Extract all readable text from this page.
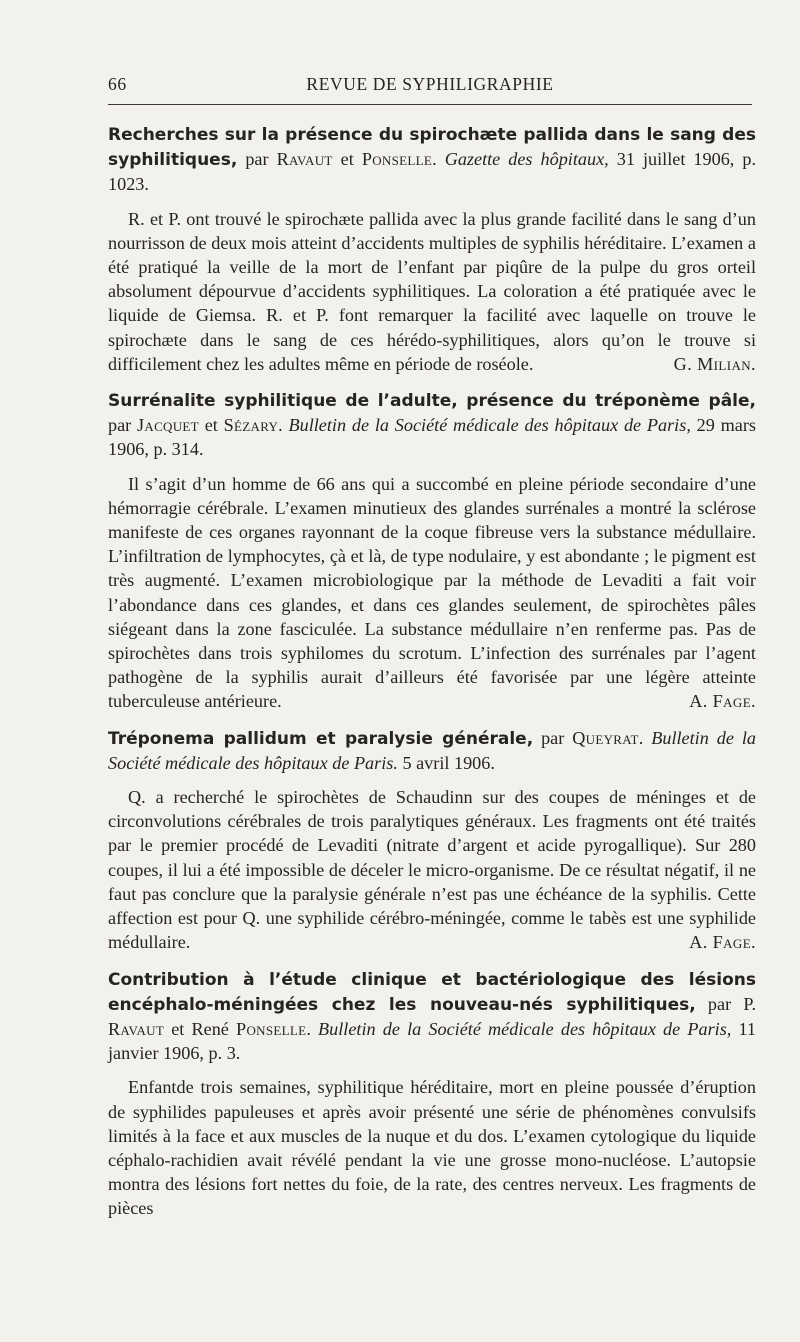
66	REVUE DE SYPHILIGRAPHIE

Recherches sur la présence du spirochæte pallida dans le sang des syphilitiques, par Ravaut et Ponselle. Gazette des hôpitaux, 31 juillet 1906, p. 1023.

R. et P. ont trouvé le spirochæte pallida avec la plus grande facilité dans le sang d’un nourrisson de deux mois atteint d’accidents multiples de syphilis héréditaire. L’examen a été pratiqué la veille de la mort de l’enfant par piqûre de la pulpe du gros orteil absolument dépourvue d’accidents syphilitiques. La coloration a été pratiquée avec le liquide de Giemsa. R. et P. font remarquer la facilité avec laquelle on trouve le spirochæte dans le sang de ces hérédo-syphilitiques, alors qu’on le trouve si difficilement chez les adultes même en période de roséole.	G. Milian.

Surrénalite syphilitique de l’adulte, présence du tréponème pâle, par Jacquet et Sézary. Bulletin de la Société médicale des hôpitaux de Paris, 29 mars 1906, p. 314.

Il s’agit d’un homme de 66 ans qui a succombé en pleine période secondaire d’une hémorragie cérébrale. L’examen minutieux des glandes surrénales a montré la sclérose manifeste de ces organes rayonnant de la coque fibreuse vers la substance médullaire. L’infiltration de lymphocytes, çà et là, de type nodulaire, y est abondante ; le pigment est très augmenté. L’examen microbiologique par la méthode de Levaditi a fait voir l’abondance dans ces glandes, et dans ces glandes seulement, de spirochètes pâles siégeant dans la zone fasciculée. La substance médullaire n’en renferme pas. Pas de spirochètes dans trois syphilomes du scrotum. L’infection des surrénales par l’agent pathogène de la syphilis aurait d’ailleurs été favorisée par une légère atteinte tuberculeuse antérieure.	A. Fage.

Tréponema pallidum et paralysie générale, par Queyrat. Bulletin de la Société médicale des hôpitaux de Paris. 5 avril 1906.

Q. a recherché le spirochètes de Schaudinn sur des coupes de méninges et de circonvolutions cérébrales de trois paralytiques généraux. Les fragments ont été traités par le premier procédé de Levaditi (nitrate d’argent et acide pyrogallique). Sur 280 coupes, il lui a été impossible de déceler le micro-organisme. De ce résultat négatif, il ne faut pas conclure que la paralysie générale n’est pas une échéance de la syphilis. Cette affection est pour Q. une syphilide cérébro-méningée, comme le tabès est une syphilide médullaire.	A. Fage.

Contribution à l’étude clinique et bactériologique des lésions encéphalo-méningées chez les nouveau-nés syphilitiques, par P. Ravaut et René Ponselle. Bulletin de la Société médicale des hôpitaux de Paris, 11 janvier 1906, p. 3.

Enfantde trois semaines, syphilitique héréditaire, mort en pleine poussée d’éruption de syphilides papuleuses et après avoir présenté une série de phénomènes convulsifs limités à la face et aux muscles de la nuque et du dos. L’examen cytologique du liquide céphalo-rachidien avait révélé pendant la vie une grosse mono-nucléose. L’autopsie montra des lésions fort nettes du foie, de la rate, des centres nerveux. Les fragments de pièces
